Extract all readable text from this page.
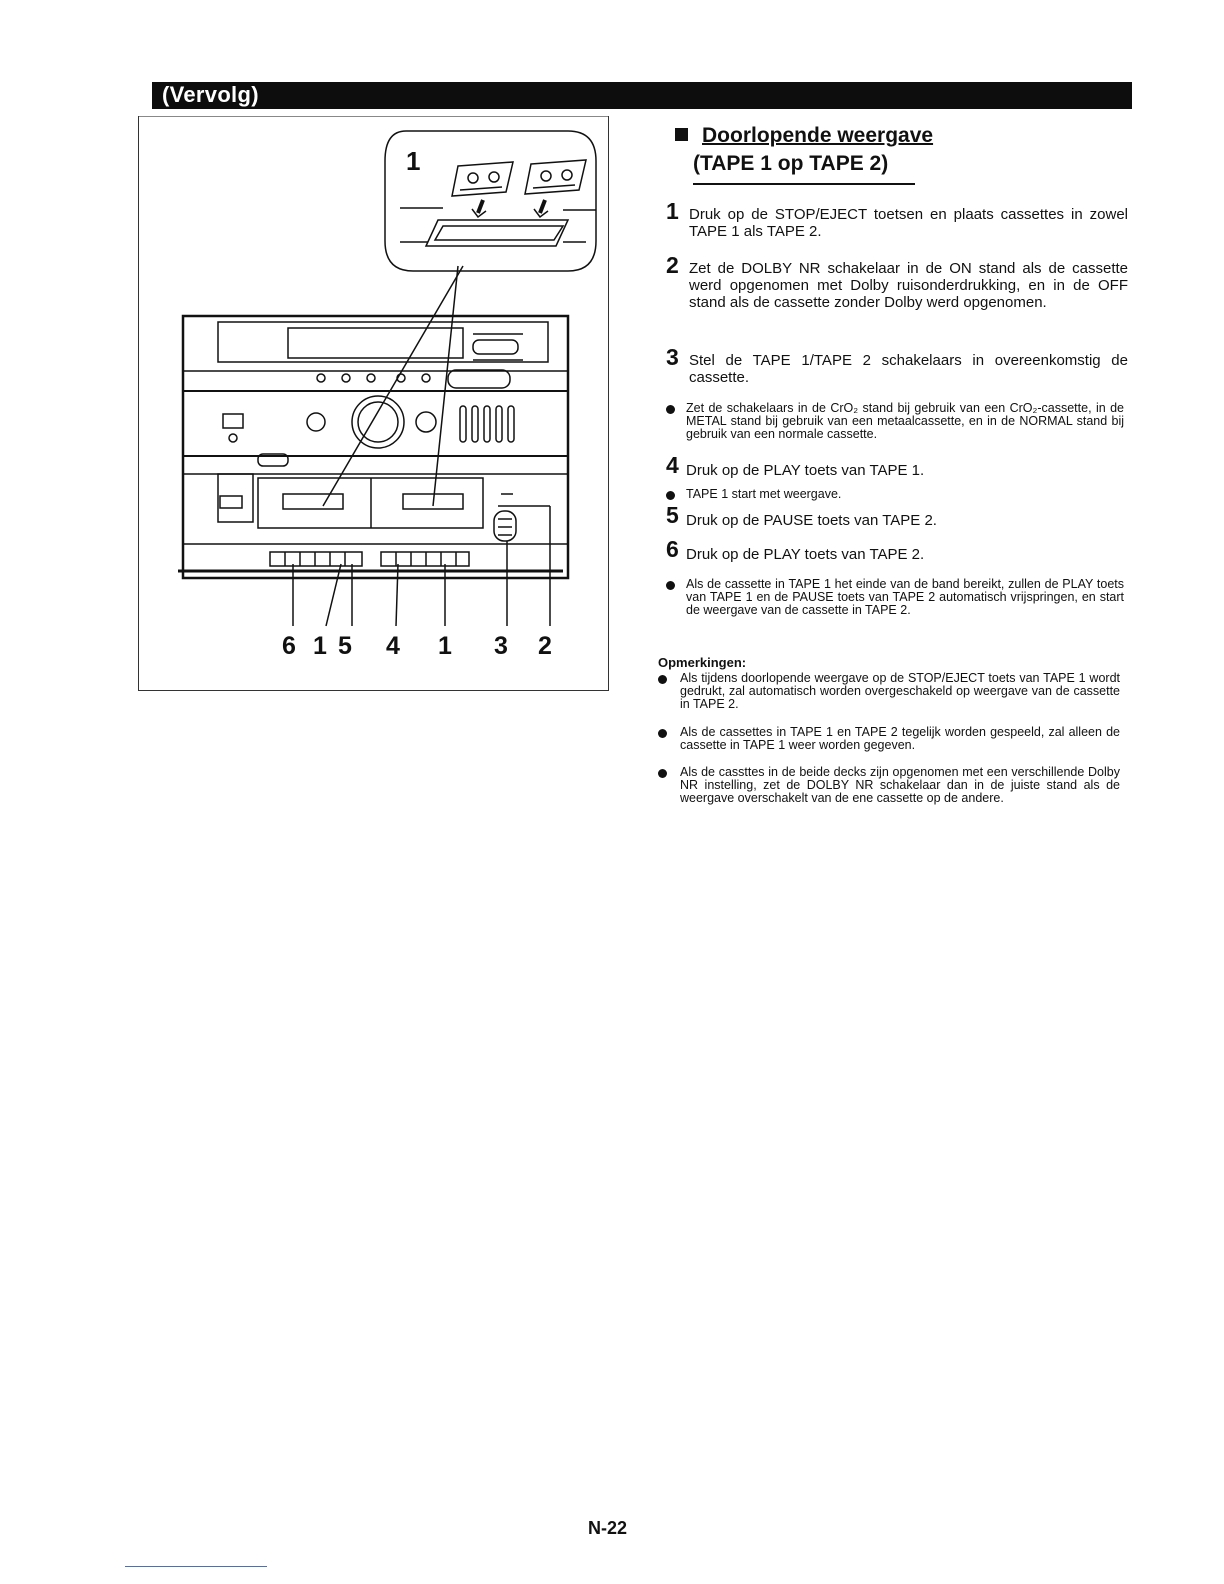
(Vervolg)
1
6 1 5 4 1 3 2
Doorlopende weergave
(TAPE 1 op TAPE 2)
1 Druk op de STOP/EJECT toetsen en plaats cassettes in zowel TAPE 1 als TAPE 2.
2 Zet de DOLBY NR schakelaar in de ON stand als de cassette werd opgenomen met Dolby ruisonderdrukking, en in de OFF stand als de cassette zonder Dolby werd opgenomen.
3 Stel de TAPE 1/TAPE 2 schakelaars in overeenkomstig de cassette.
Zet de schakelaars in de CrO₂ stand bij gebruik van een CrO₂-cassette, in de METAL stand bij gebruik van een metaalcassette, en in de NORMAL stand bij gebruik van een normale cassette.
4 Druk op de PLAY toets van TAPE 1.
TAPE 1 start met weergave.
5 Druk op de PAUSE toets van TAPE 2.
6 Druk op de PLAY toets van TAPE 2.
Als de cassette in TAPE 1 het einde van de band bereikt, zullen de PLAY toets van TAPE 1 en de PAUSE toets van TAPE 2 automatisch vrijspringen, en start de weergave van de cassette in TAPE 2.
Opmerkingen:
Als tijdens doorlopende weergave op de STOP/EJECT toets van TAPE 1 wordt gedrukt, zal automatisch worden overgeschakeld op weergave van de cassette in TAPE 2.
Als de cassettes in TAPE 1 en TAPE 2 tegelijk worden gespeeld, zal alleen de cassette in TAPE 1 weer worden gegeven.
Als de cassttes in de beide decks zijn opgenomen met een verschillende Dolby NR instelling, zet de DOLBY NR schakelaar dan in de juiste stand als de weergave overschakelt van de ene cassette op de andere.
N-22
